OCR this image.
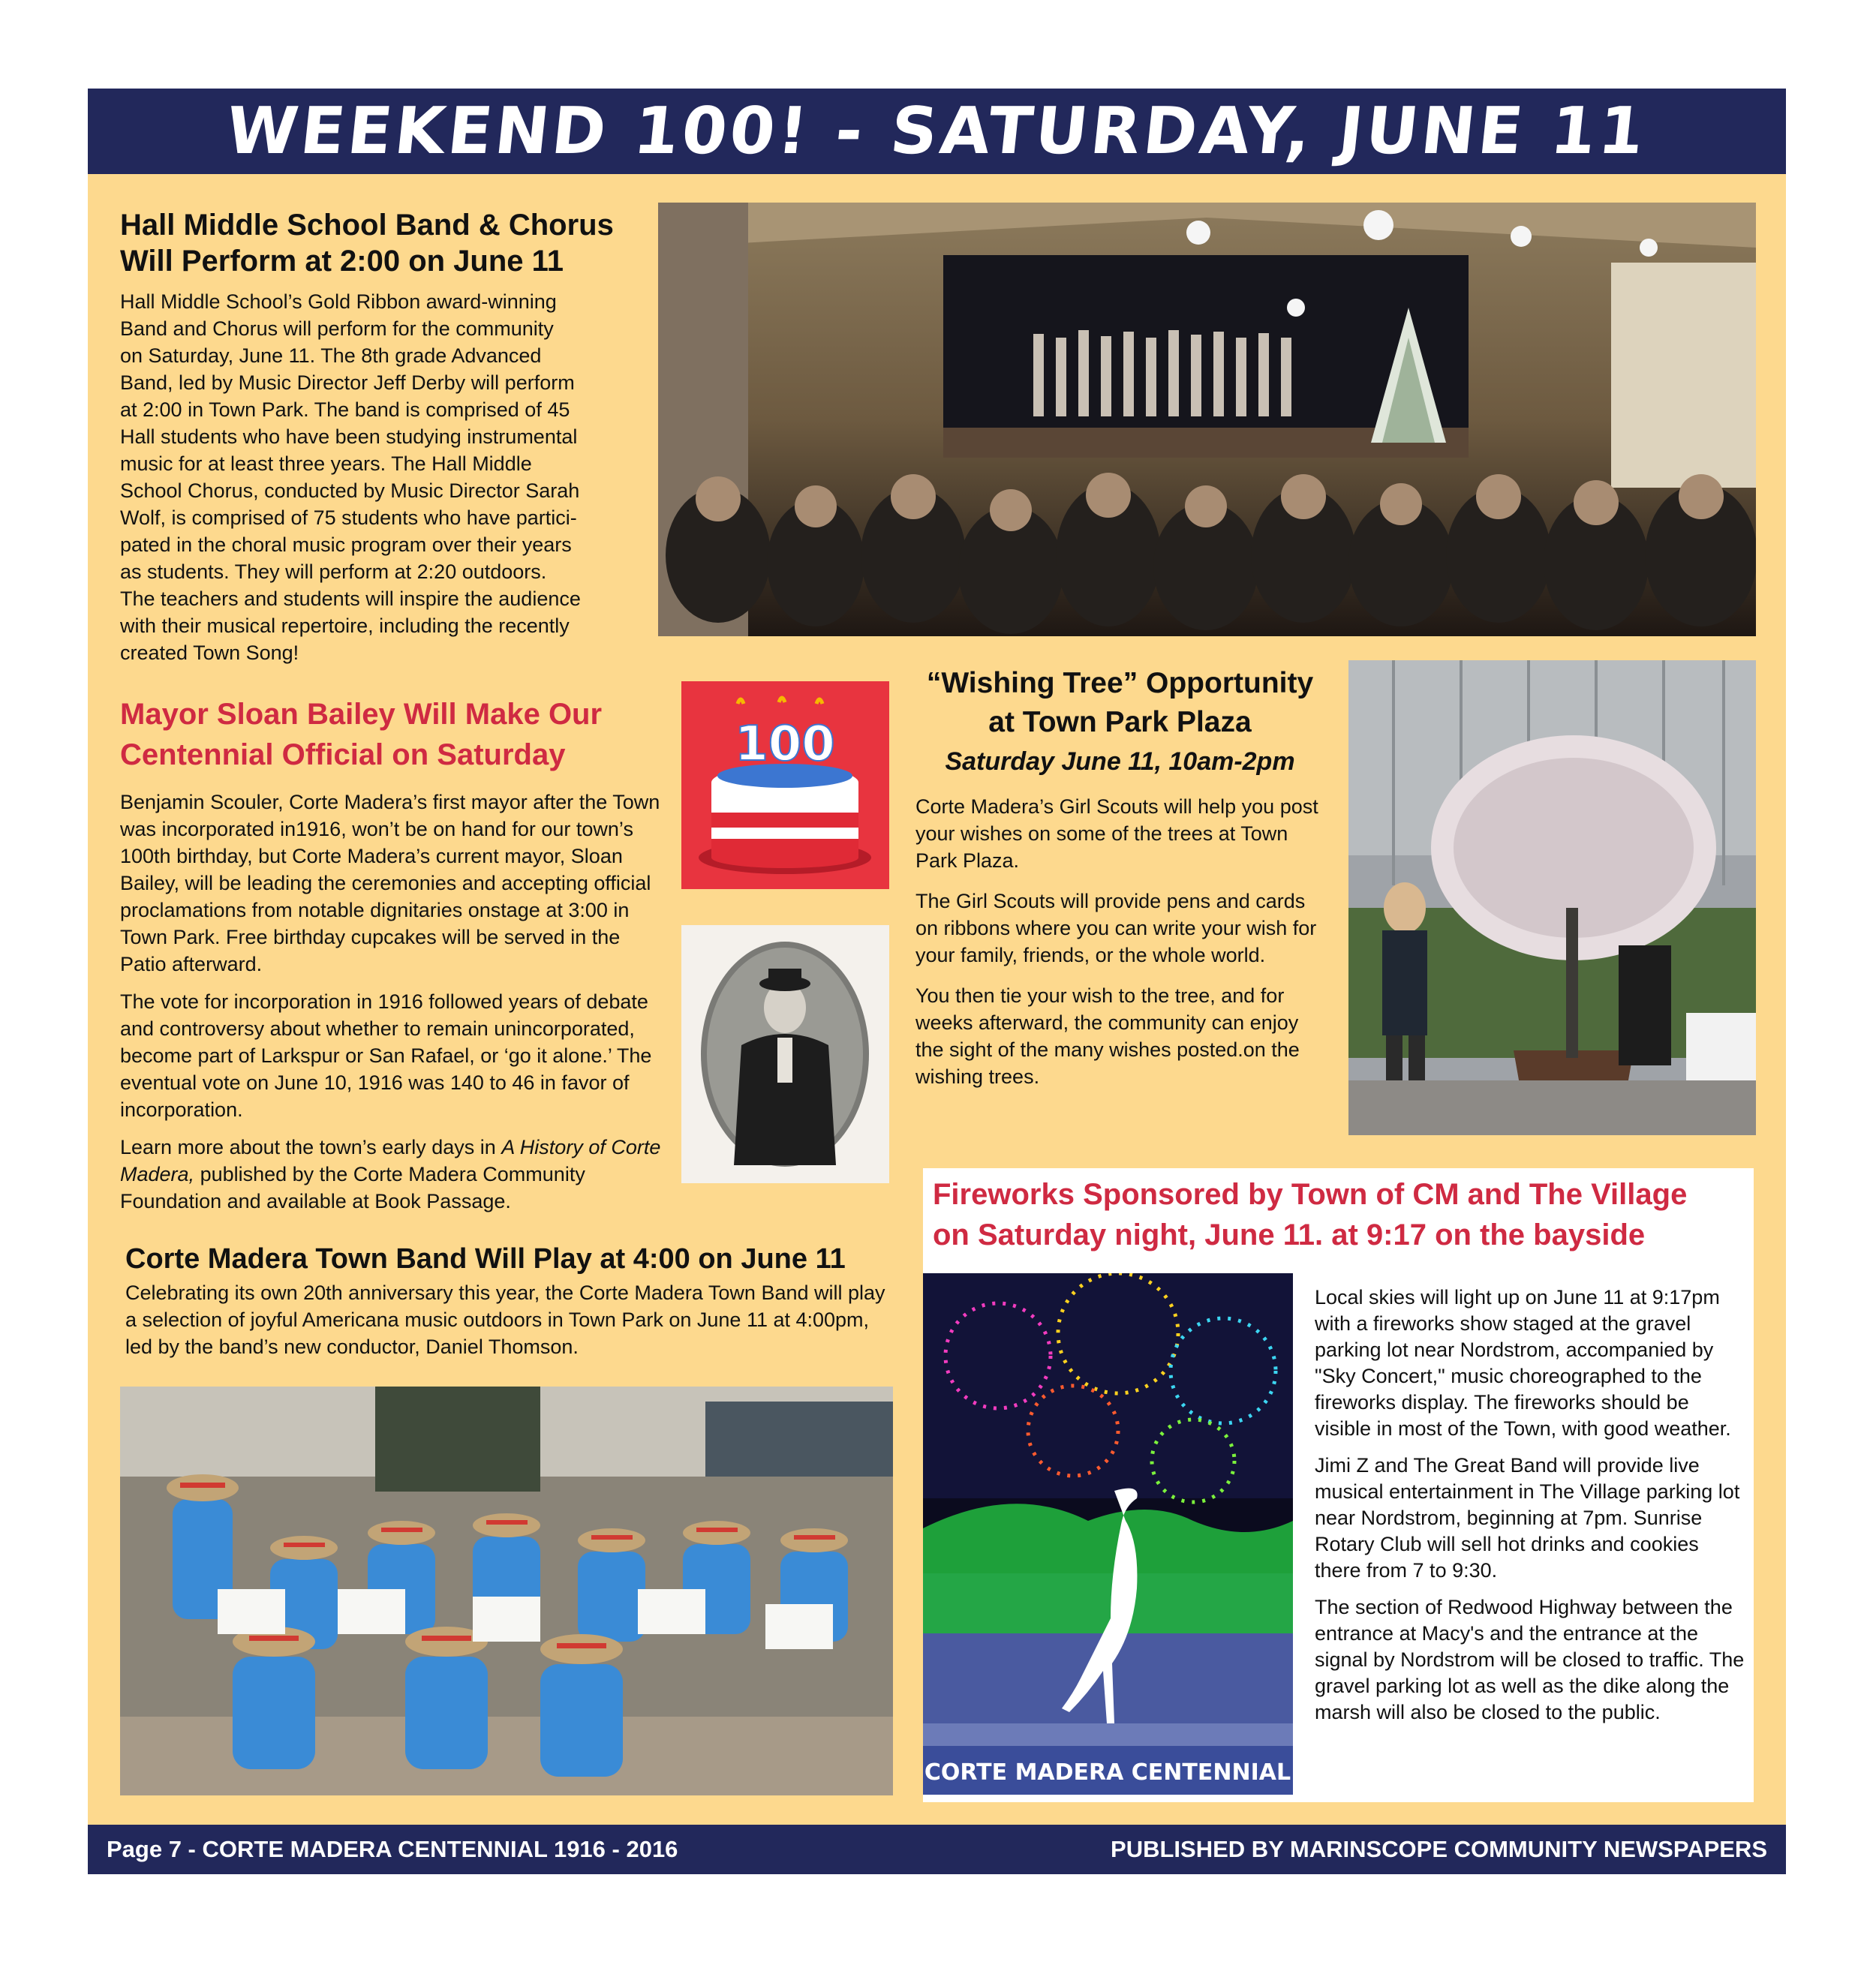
WEEKEND 100! - SATURDAY, JUNE 11
Hall Middle School Band & Chorus
Will Perform at 2:00 on June 11
Hall Middle School’s Gold Ribbon award-winning
Band and Chorus will perform for the community
on Saturday, June 11. The 8th grade Advanced
Band, led by Music Director Jeff Derby will perform
at 2:00 in Town Park. The band is comprised of 45
Hall students who have been studying instrumental
music for at least three years. The Hall Middle
School Chorus, conducted by Music Director Sarah
Wolf, is comprised of 75 students who have partici-
pated in the choral music program over their years
as students. They will perform at 2:20 outdoors.
The teachers and students will inspire the audience
with their musical repertoire, including the recently
created Town Song!
Mayor Sloan Bailey Will Make Our
Centennial Official on Saturday

Benjamin Scouler, Corte Madera’s first mayor after the Town was incorporated in1916, won’t be on hand for our town’s 100th birthday, but Corte Madera’s current mayor, Sloan Bailey, will be leading the ceremonies and accepting official proclamations from notable dignitaries onstage at 3:00 in Town Park. Free birthday cupcakes will be served in the Patio afterward.

The vote for incorporation in 1916 followed years of debate and controversy about whether to remain unincorporated, become part of Larkspur or San Rafael, or ‘go it alone.’ The eventual vote on June 10, 1916 was 140 to 46 in favor of incorporation.

Learn more about the town’s early days in A History of Corte Madera, published by the Corte Madera Community Foundation and available at Book Passage.

100
“Wishing Tree” Opportunity
at Town Park Plaza
Saturday June 11, 10am-2pm

Corte Madera’s Girl Scouts will help you post your wishes on some of the trees at Town Park Plaza.

The Girl Scouts will provide pens and cards on ribbons where you can write your wish for your family, friends, or the whole world.

You then tie your wish to the tree, and for weeks afterward, the community can enjoy the sight of the many wishes posted.on the wishing trees.

Corte Madera Town Band Will Play at 4:00 on June 11
Celebrating its own 20th anniversary this year, the Corte Madera Town Band will play a selection of joyful Americana music outdoors in Town Park on June 11 at 4:00pm, led by the band’s new conductor, Daniel Thomson.
Fireworks Sponsored by Town of CM and The Village
on Saturday night, June 11. at 9:17 on the bayside
CORTE MADERA CENTENNIAL

Local skies will light up on June 11 at 9:17pm with a fireworks show staged at the gravel parking lot near Nordstrom, accompanied by "Sky Concert," music choreographed to the fireworks display. The fireworks should be visible in most of the Town, with good weather.

Jimi Z and The Great Band will provide live musical entertainment in The Village parking lot near Nordstrom, beginning at 7pm. Sunrise Rotary Club will sell hot drinks and cookies there from 7 to 9:30.

The section of Redwood Highway between the entrance at Macy's and the entrance at the signal by Nordstrom will be closed to traffic. The gravel parking lot as well as the dike along the marsh will also be closed to the public.

Page 7 - CORTE MADERA CENTENNIAL 1916 - 2016	PUBLISHED BY MARINSCOPE COMMUNITY NEWSPAPERS
